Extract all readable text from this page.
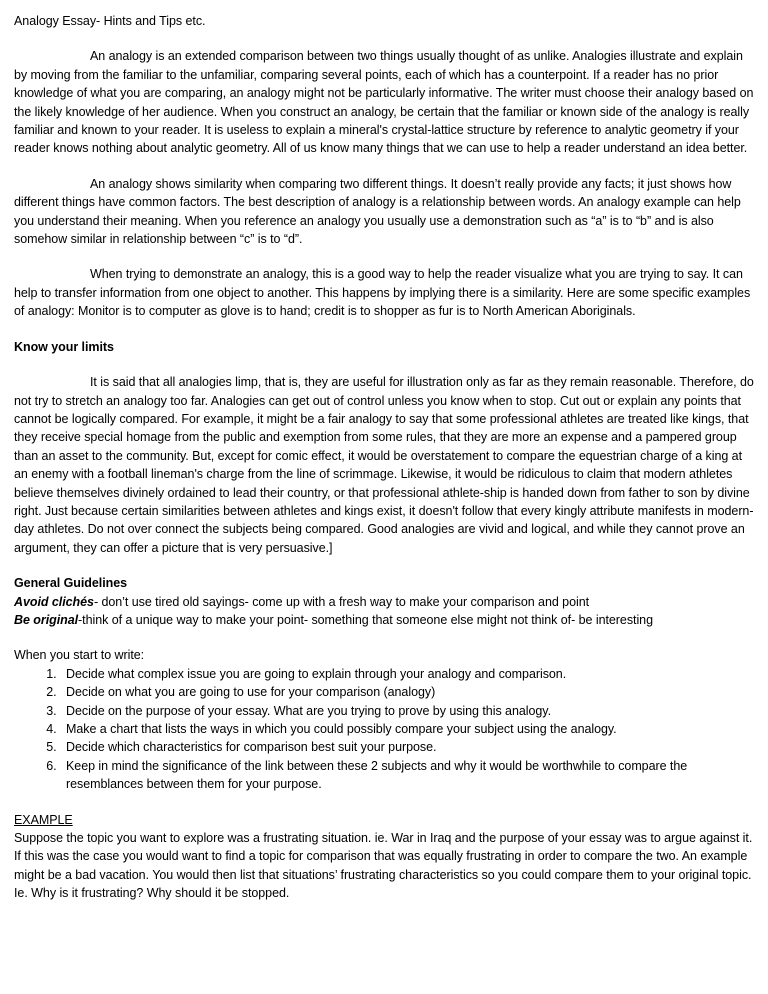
Analogy Essay- Hints and Tips etc.

An analogy is an extended comparison between two things usually thought of as unlike. Analogies illustrate and explain by moving from the familiar to the unfamiliar, comparing several points, each of which has a counterpoint. If a reader has no prior knowledge of what you are comparing, an analogy might not be particularly informative. The writer must choose their analogy based on the likely knowledge of her audience. When you construct an analogy, be certain that the familiar or known side of the analogy is really familiar and known to your reader. It is useless to explain a mineral's crystal-lattice structure by reference to analytic geometry if your reader knows nothing about analytic geometry. All of us know many things that we can use to help a reader understand an idea better.

An analogy shows similarity when comparing two different things. It doesn’t really provide any facts; it just shows how different things have common factors. The best description of analogy is a relationship between words. An analogy example can help you understand their meaning. When you reference an analogy you usually use a demonstration such as “a” is to “b” and is also somehow similar in relationship between “c” is to “d”.

When trying to demonstrate an analogy, this is a good way to help the reader visualize what you are trying to say. It can help to transfer information from one object to another. This happens by implying there is a similarity. Here are some specific examples of analogy: Monitor is to computer as glove is to hand; credit is to shopper as fur is to North American Aboriginals.

Know your limits

It is said that all analogies limp, that is, they are useful for illustration only as far as they remain reasonable. Therefore, do not try to stretch an analogy too far. Analogies can get out of control unless you know when to stop. Cut out or explain any points that cannot be logically compared. For example, it might be a fair analogy to say that some professional athletes are treated like kings, that they receive special homage from the public and exemption from some rules, that they are more an expense and a pampered group than an asset to the community. But, except for comic effect, it would be overstatement to compare the equestrian charge of a king at an enemy with a football lineman's charge from the line of scrimmage. Likewise, it would be ridiculous to claim that modern athletes believe themselves divinely ordained to lead their country, or that professional athlete-ship is handed down from father to son by divine right. Just because certain similarities between athletes and kings exist, it doesn't follow that every kingly attribute manifests in modern-day athletes. Do not over connect the subjects being compared. Good analogies are vivid and logical, and while they cannot prove an argument, they can offer a picture that is very persuasive.]

General Guidelines

Avoid clichés- don’t use tired old sayings- come up with a fresh way to make your comparison and point

Be original-think of a unique way to make your point- something that someone else might not think of- be interesting

When you start to write:

1. Decide what complex issue you are going to explain through your analogy and comparison.
2. Decide on what you are going to use for your comparison (analogy)
3. Decide on the purpose of your essay. What are you trying to prove by using this analogy.
4. Make a chart that lists the ways in which you could possibly compare your subject using the analogy.
5. Decide which characteristics for comparison best suit your purpose.
6. Keep in mind the significance of the link between these 2 subjects and why it would be worthwhile to compare the resemblances between them for your purpose.

EXAMPLE

Suppose the topic you want to explore was a frustrating situation. ie. War in Iraq and the purpose of your essay was to argue against it. If this was the case you would want to find a topic for comparison that was equally frustrating in order to compare the two. An example might be a bad vacation. You would then list that situations’ frustrating characteristics so you could compare them to your original topic. Ie. Why is it frustrating? Why should it be stopped.
